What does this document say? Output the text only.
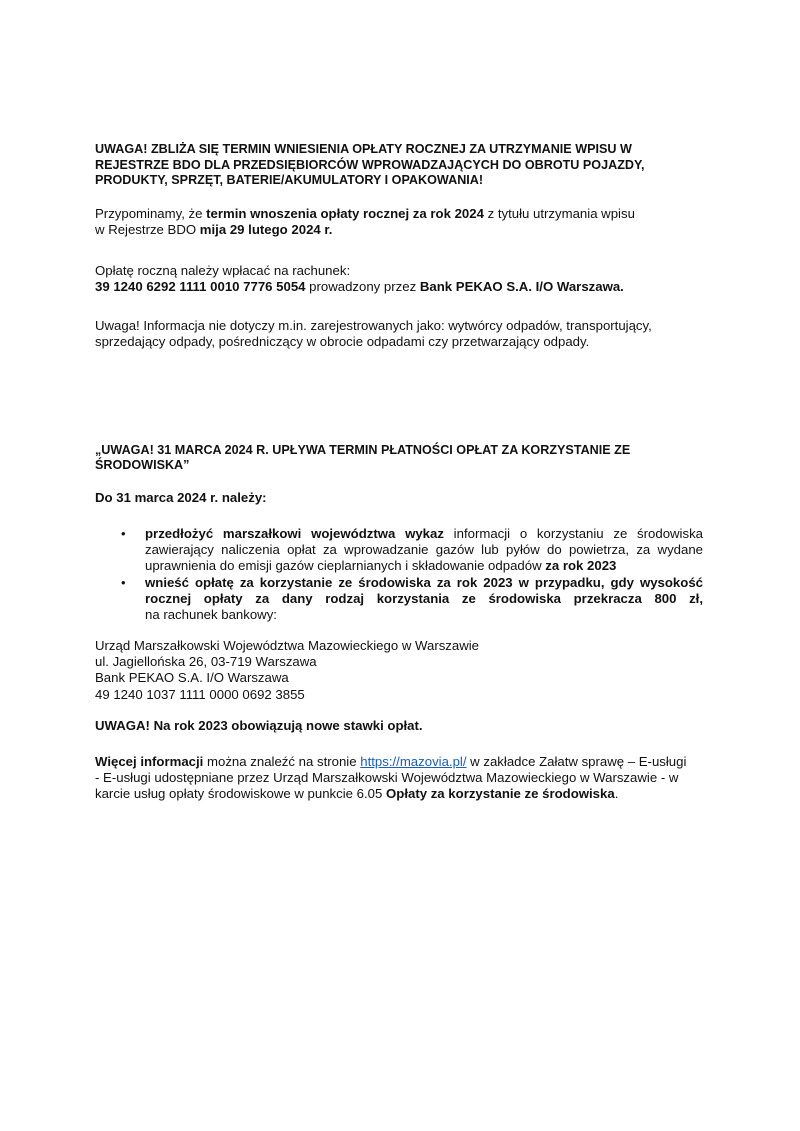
UWAGA! ZBLIŻA SIĘ TERMIN WNIESIENIA OPŁATY ROCZNEJ ZA UTRZYMANIE WPISU W
REJESTRZE BDO DLA PRZEDSIĘBIORCÓW WPROWADZAJĄCYCH DO OBROTU POJAZDY,
PRODUKTY, SPRZĘT, BATERIE/AKUMULATORY I OPAKOWANIA!
Przypominamy, że termin wnoszenia opłaty rocznej za rok 2024 z tytułu utrzymania wpisu
w Rejestrze BDO mija 29 lutego 2024 r.
Opłatę roczną należy wpłacać na rachunek:
39 1240 6292 1111 0010 7776 5054 prowadzony przez Bank PEKAO S.A. I/O Warszawa.
Uwaga! Informacja nie dotyczy m.in. zarejestrowanych jako: wytwórcy odpadów, transportujący,
sprzedający odpady, pośredniczący w obrocie odpadami czy przetwarzający odpady.
„UWAGA! 31 MARCA 2024 R. UPŁYWA TERMIN PŁATNOŚCI OPŁAT ZA KORZYSTANIE ZE
ŚRODOWISKA”
Do 31 marca 2024 r. należy:
• przedłożyć marszałkowi województwa wykaz informacji o korzystaniu ze środowiska
zawierający naliczenia opłat za wprowadzanie gazów lub pyłów do powietrza, za wydane
uprawnienia do emisji gazów cieplarnianych i składowanie odpadów za rok 2023
• wnieść opłatę za korzystanie ze środowiska za rok 2023 w przypadku, gdy wysokość
rocznej opłaty za dany rodzaj korzystania ze środowiska przekracza 800 zł,
na rachunek bankowy:
Urząd Marszałkowski Województwa Mazowieckiego w Warszawie
ul. Jagiellońska 26, 03-719 Warszawa
Bank PEKAO S.A. I/O Warszawa
49 1240 1037 1111 0000 0692 3855
UWAGA! Na rok 2023 obowiązują nowe stawki opłat.
Więcej informacji można znaleźć na stronie https://mazovia.pl/ w zakładce Załatw sprawę – E-usługi
- E-usługi udostępniane przez Urząd Marszałkowski Województwa Mazowieckiego w Warszawie - w
karcie usług opłaty środowiskowe w punkcie 6.05 Opłaty za korzystanie ze środowiska.
